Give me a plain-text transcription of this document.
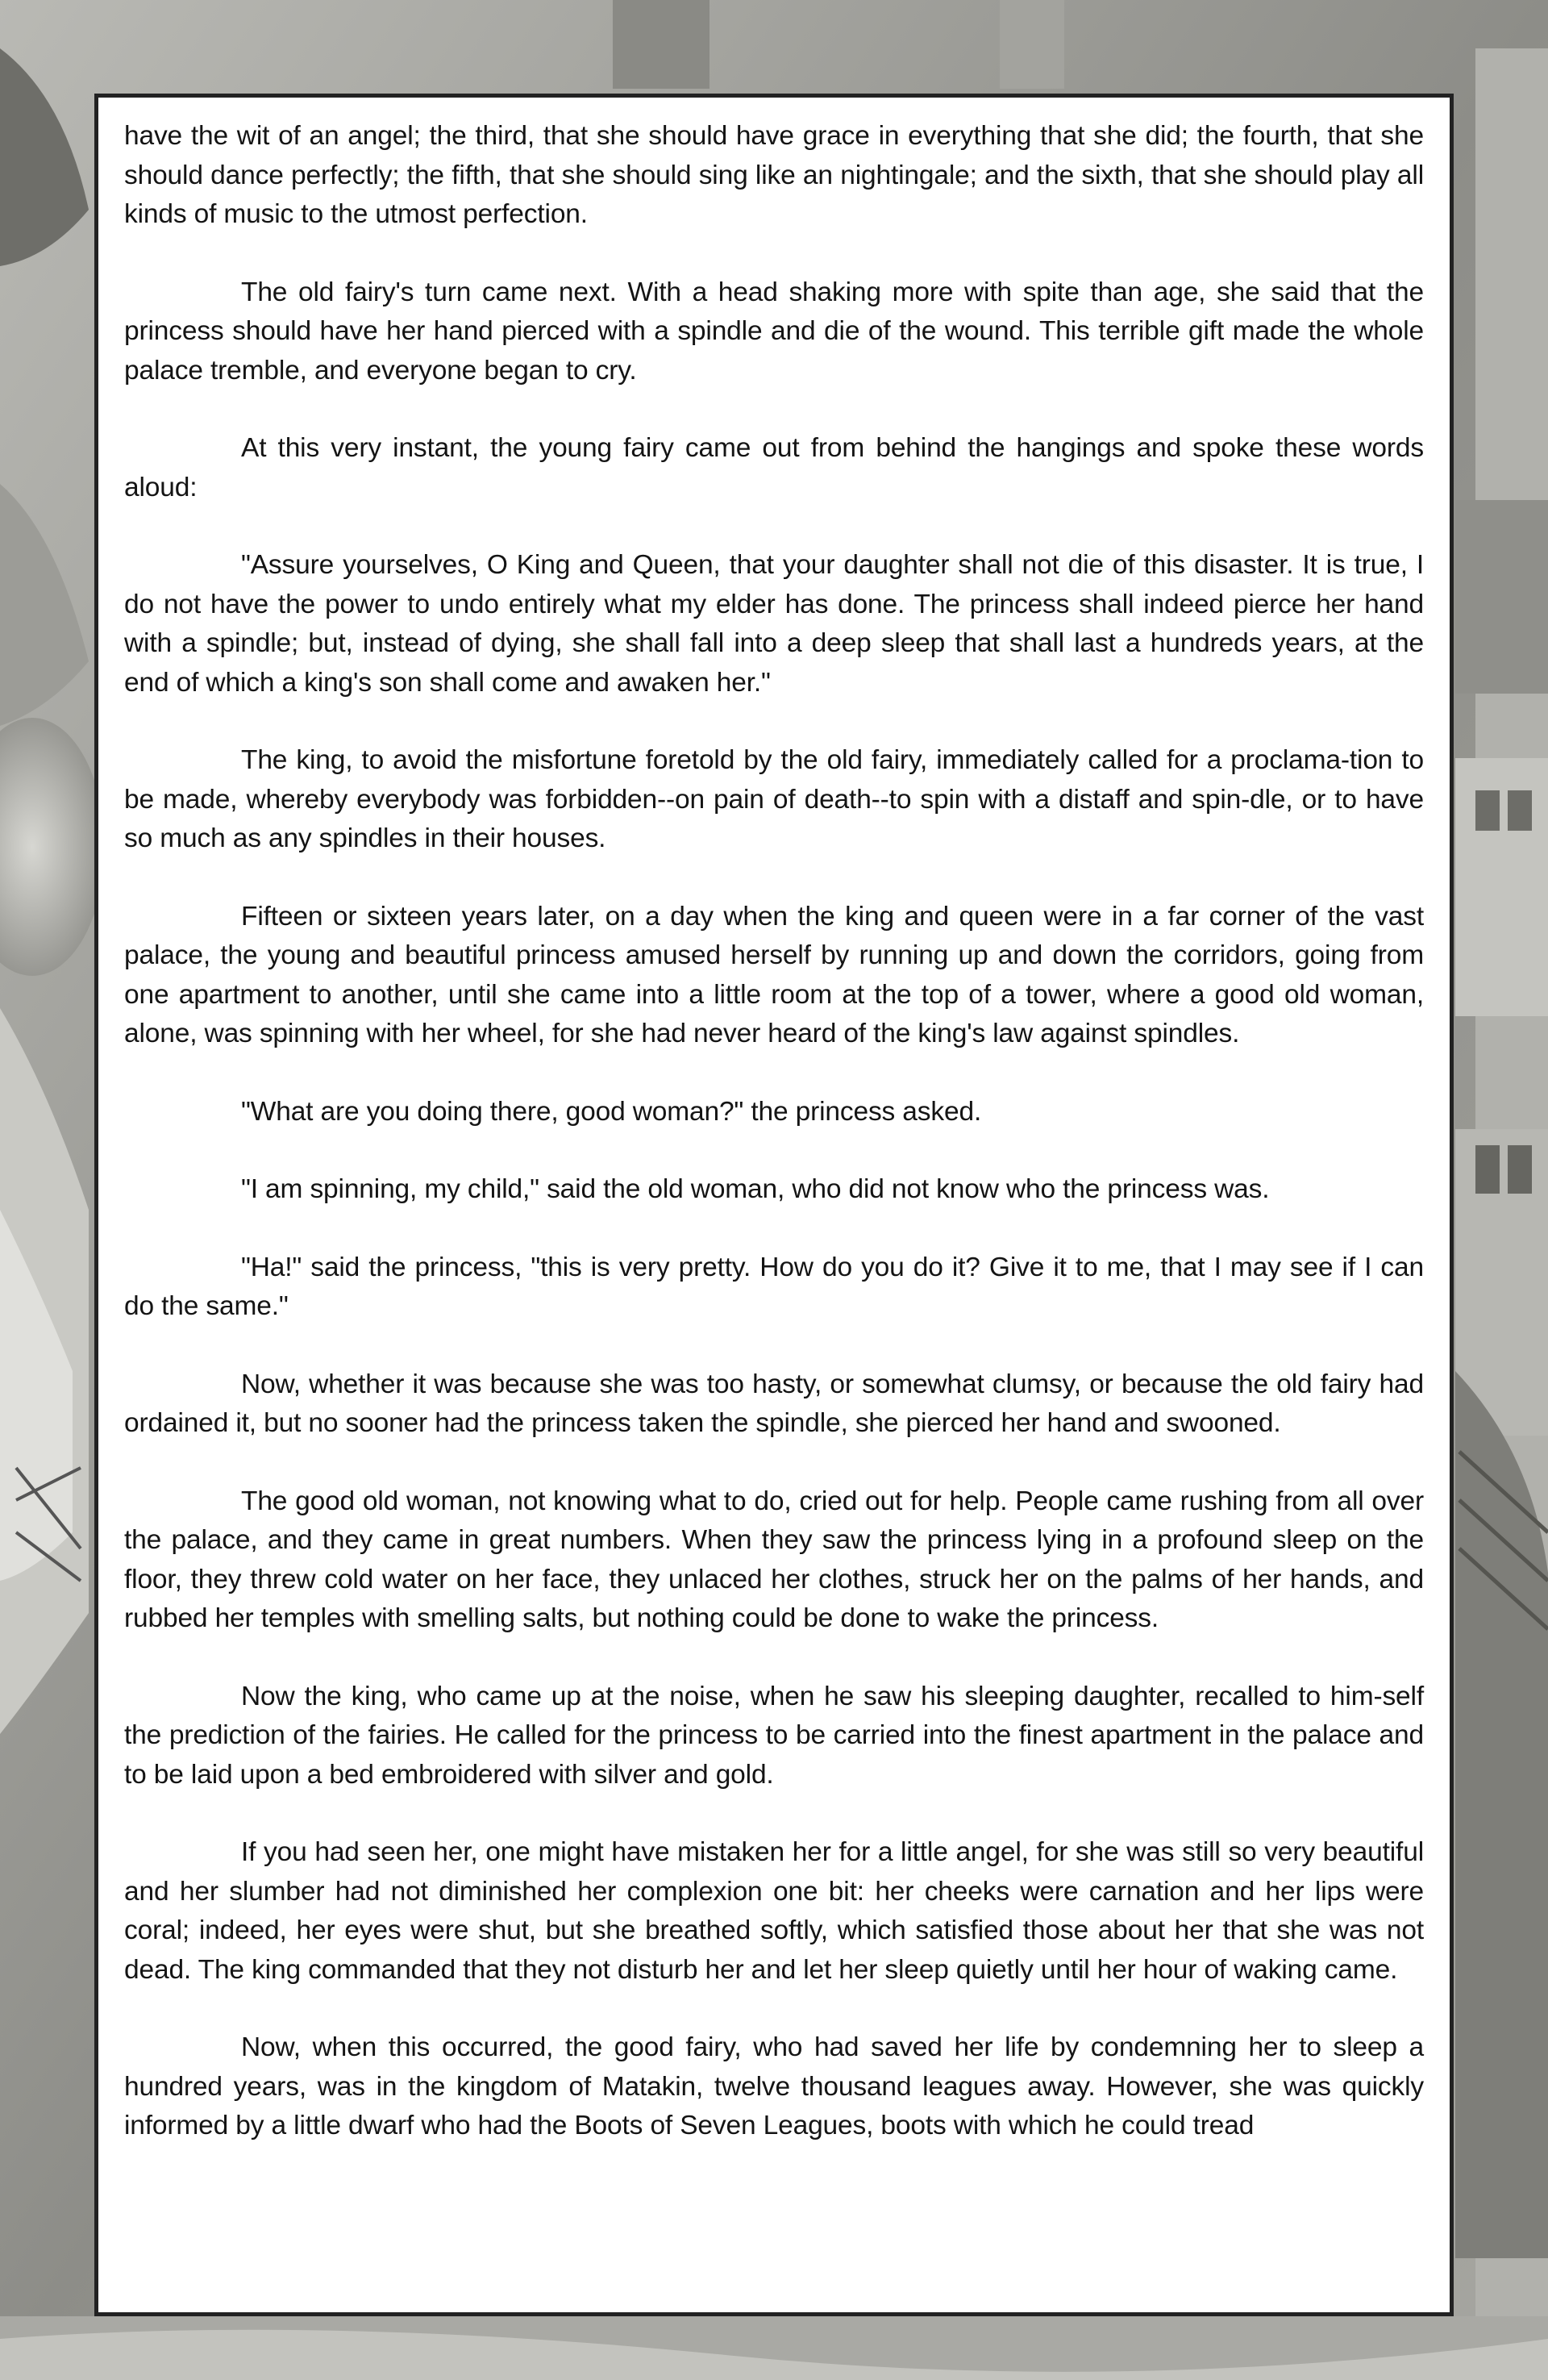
have the wit of an angel; the third, that she should have grace in everything that she did; the fourth, that she should dance perfectly; the fifth, that she should sing like an nightingale; and the sixth, that she should play all kinds of music to the utmost perfection.

The old fairy's turn came next. With a head shaking more with spite than age, she said that the princess should have her hand pierced with a spindle and die of the wound. This terrible gift made the whole palace tremble, and everyone began to cry.

At this very instant, the young fairy came out from behind the hangings and spoke these words aloud:

"Assure yourselves, O King and Queen, that your daughter shall not die of this disaster. It is true, I do not have the power to undo entirely what my elder has done. The princess shall indeed pierce her hand with a spindle; but, instead of dying, she shall fall into a deep sleep that shall last a hundreds years, at the end of which a king's son shall come and awaken her."

The king, to avoid the misfortune foretold by the old fairy, immediately called for a proclama-tion to be made, whereby everybody was forbidden--on pain of death--to spin with a distaff and spin-dle, or to have so much as any spindles in their houses.

Fifteen or sixteen years later, on a day when the king and queen were in a far corner of the vast palace, the young and beautiful princess amused herself by running up and down the corridors, going from one apartment to another, until she came into a little room at the top of a tower, where a good old woman, alone, was spinning with her wheel, for she had never heard of the king's law against spindles.

"What are you doing there, good woman?" the princess asked.

"I am spinning, my child," said the old woman, who did not know who the princess was.

"Ha!" said the princess, "this is very pretty. How do you do it? Give it to me, that I may see if I can do the same."

Now, whether it was because she was too hasty, or somewhat clumsy, or because the old fairy had ordained it, but no sooner had the princess taken the spindle, she pierced her hand and swooned.

The good old woman, not knowing what to do, cried out for help. People came rushing from all over the palace, and they came in great numbers. When they saw the princess lying in a profound sleep on the floor, they threw cold water on her face, they unlaced her clothes, struck her on the palms of her hands, and rubbed her temples with smelling salts, but nothing could be done to wake the princess.

Now the king, who came up at the noise, when he saw his sleeping daughter, recalled to him-self the prediction of the fairies. He called for the princess to be carried into the finest apartment in the palace and to be laid upon a bed embroidered with silver and gold.

If you had seen her, one might have mistaken her for a little angel, for she was still so very beautiful and her slumber had not diminished her complexion one bit: her cheeks were carnation and her lips were coral; indeed, her eyes were shut, but she breathed softly, which satisfied those about her that she was not dead. The king commanded that they not disturb her and let her sleep quietly until her hour of waking came.

Now, when this occurred, the good fairy, who had saved her life by condemning her to sleep a hundred years, was in the kingdom of Matakin, twelve thousand leagues away. However, she was quickly informed by a little dwarf who had the Boots of Seven Leagues, boots with which he could tread
